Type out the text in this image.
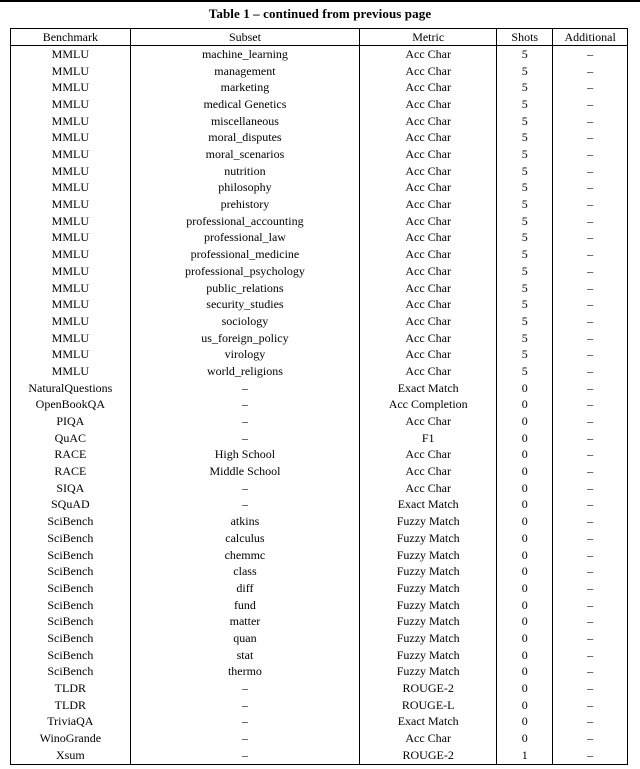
Table 1 – continued from previous page
Benchmark	Subset	Metric	Shots	Additional
MMLU	machine_learning	Acc Char	5	–
MMLU	management	Acc Char	5	–
MMLU	marketing	Acc Char	5	–
MMLU	medical Genetics	Acc Char	5	–
MMLU	miscellaneous	Acc Char	5	–
MMLU	moral_disputes	Acc Char	5	–
MMLU	moral_scenarios	Acc Char	5	–
MMLU	nutrition	Acc Char	5	–
MMLU	philosophy	Acc Char	5	–
MMLU	prehistory	Acc Char	5	–
MMLU	professional_accounting	Acc Char	5	–
MMLU	professional_law	Acc Char	5	–
MMLU	professional_medicine	Acc Char	5	–
MMLU	professional_psychology	Acc Char	5	–
MMLU	public_relations	Acc Char	5	–
MMLU	security_studies	Acc Char	5	–
MMLU	sociology	Acc Char	5	–
MMLU	us_foreign_policy	Acc Char	5	–
MMLU	virology	Acc Char	5	–
MMLU	world_religions	Acc Char	5	–
NaturalQuestions	–	Exact Match	0	–
OpenBookQA	–	Acc Completion	0	–
PIQA	–	Acc Char	0	–
QuAC	–	F1	0	–
RACE	High School	Acc Char	0	–
RACE	Middle School	Acc Char	0	–
SIQA	–	Acc Char	0	–
SQuAD	–	Exact Match	0	–
SciBench	atkins	Fuzzy Match	0	–
SciBench	calculus	Fuzzy Match	0	–
SciBench	chemmc	Fuzzy Match	0	–
SciBench	class	Fuzzy Match	0	–
SciBench	diff	Fuzzy Match	0	–
SciBench	fund	Fuzzy Match	0	–
SciBench	matter	Fuzzy Match	0	–
SciBench	quan	Fuzzy Match	0	–
SciBench	stat	Fuzzy Match	0	–
SciBench	thermo	Fuzzy Match	0	–
TLDR	–	ROUGE-2	0	–
TLDR	–	ROUGE-L	0	–
TriviaQA	–	Exact Match	0	–
WinoGrande	–	Acc Char	0	–
Xsum	–	ROUGE-2	1	–
